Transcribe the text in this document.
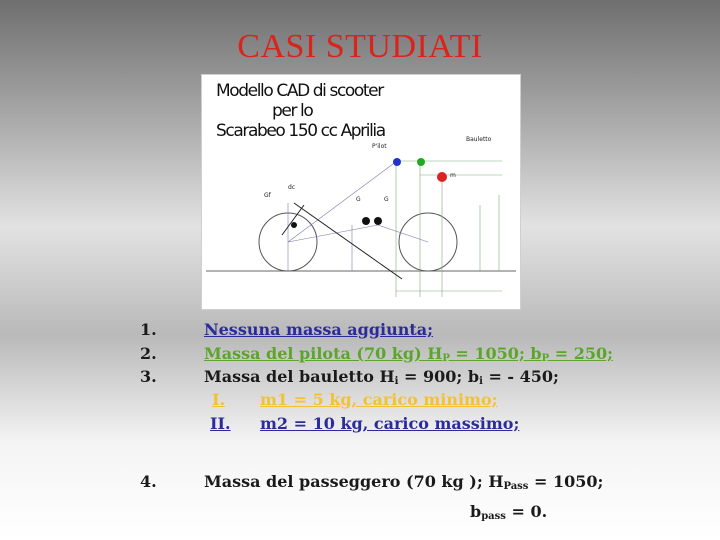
CASI STUDIATI
P'ilot
Bauletto
m
Gf
dc
G	G
Modello CAD di scooter

per lo
Scarabeo 150 cc Aprilia
1.	Nessuna massa aggiunta;
2.	Massa del pilota (70 kg) $H_P = 1050$; $b_P = 250$;
3.	Massa del bauletto $H_i = 900$; $b_i$ = - 450;
I. m1 = 5 kg, carico minimo;
II. m2 = 10 kg, carico massimo;
4.	Massa del passeggero (70 kg ); $H_{Pass} = 1050$;
$b_{pass} = 0$.
